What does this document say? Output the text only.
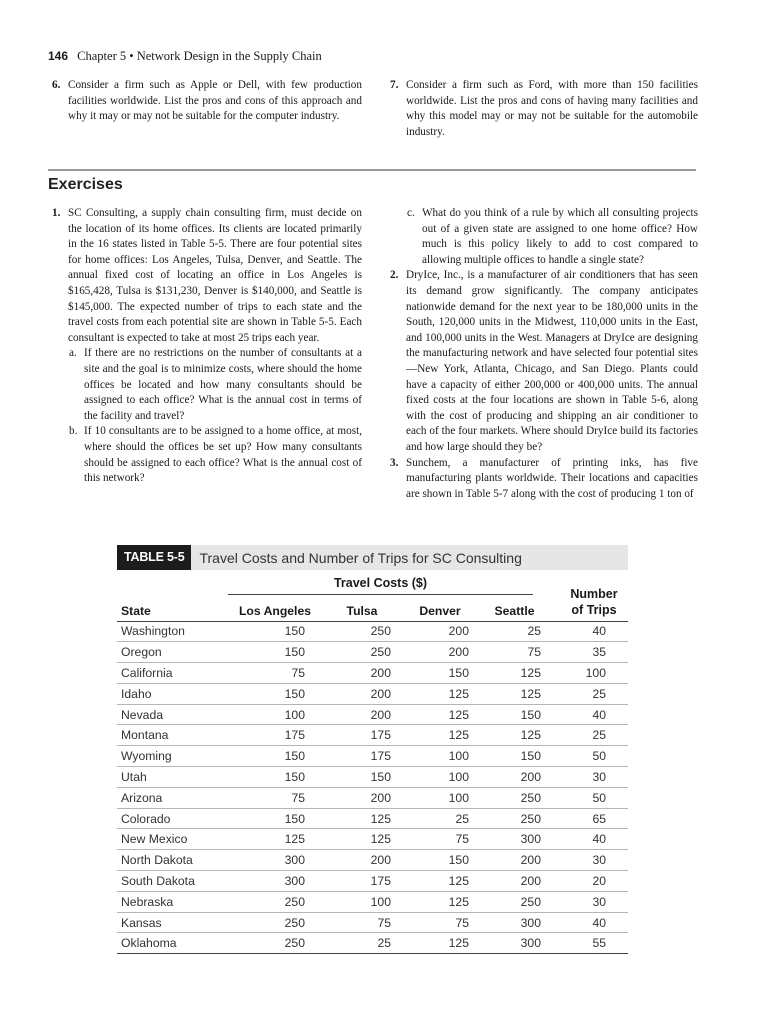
146 Chapter 5 • Network Design in the Supply Chain
6. Consider a firm such as Apple or Dell, with few production facilities worldwide. List the pros and cons of this approach and why it may or may not be suitable for the computer industry.
7. Consider a firm such as Ford, with more than 150 facilities worldwide. List the pros and cons of having many facilities and why this model may or may not be suitable for the automobile industry.
Exercises
1. SC Consulting, a supply chain consulting firm, must decide on the location of its home offices. Its clients are located primarily in the 16 states listed in Table 5-5. There are four potential sites for home offices: Los Angeles, Tulsa, Denver, and Seattle. The annual fixed cost of locating an office in Los Angeles is $165,428, Tulsa is $131,230, Denver is $140,000, and Seattle is $145,000. The expected number of trips to each state and the travel costs from each potential site are shown in Table 5-5. Each consultant is expected to take at most 25 trips each year.
a. If there are no restrictions on the number of consultants at a site and the goal is to minimize costs, where should the home offices be located and how many consultants should be assigned to each office? What is the annual cost in terms of the facility and travel?
b. If 10 consultants are to be assigned to a home office, at most, where should the offices be set up? How many consultants should be assigned to each office? What is the annual cost of this network?
c. What do you think of a rule by which all consulting projects out of a given state are assigned to one home office? How much is this policy likely to add to cost compared to allowing multiple offices to handle a single state?
2. DryIce, Inc., is a manufacturer of air conditioners that has seen its demand grow significantly. The company anticipates nationwide demand for the next year to be 180,000 units in the South, 120,000 units in the Midwest, 110,000 units in the East, and 100,000 units in the West. Managers at DryIce are designing the manufacturing network and have selected four potential sites—New York, Atlanta, Chicago, and San Diego. Plants could have a capacity of either 200,000 or 400,000 units. The annual fixed costs at the four locations are shown in Table 5-6, along with the cost of producing and shipping an air conditioner to each of the four markets. Where should DryIce build its factories and how large should they be?
3. Sunchem, a manufacturer of printing inks, has five manufacturing plants worldwide. Their locations and capacities are shown in Table 5-7 along with the cost of producing 1 ton of
TABLE 5-5	Travel Costs and Number of Trips for SC Consulting
Travel Costs ($)
Number
of Trips
State	Los Angeles	Tulsa	Denver	Seattle	
Washington	150	250	200	25	40
Oregon	150	250	200	75	35
California	75	200	150	125	100
Idaho	150	200	125	125	25
Nevada	100	200	125	150	40
Montana	175	175	125	125	25
Wyoming	150	175	100	150	50
Utah	150	150	100	200	30
Arizona	75	200	100	250	50
Colorado	150	125	25	250	65
New Mexico	125	125	75	300	40
North Dakota	300	200	150	200	30
South Dakota	300	175	125	200	20
Nebraska	250	100	125	250	30
Kansas	250	75	75	300	40
Oklahoma	250	25	125	300	55
